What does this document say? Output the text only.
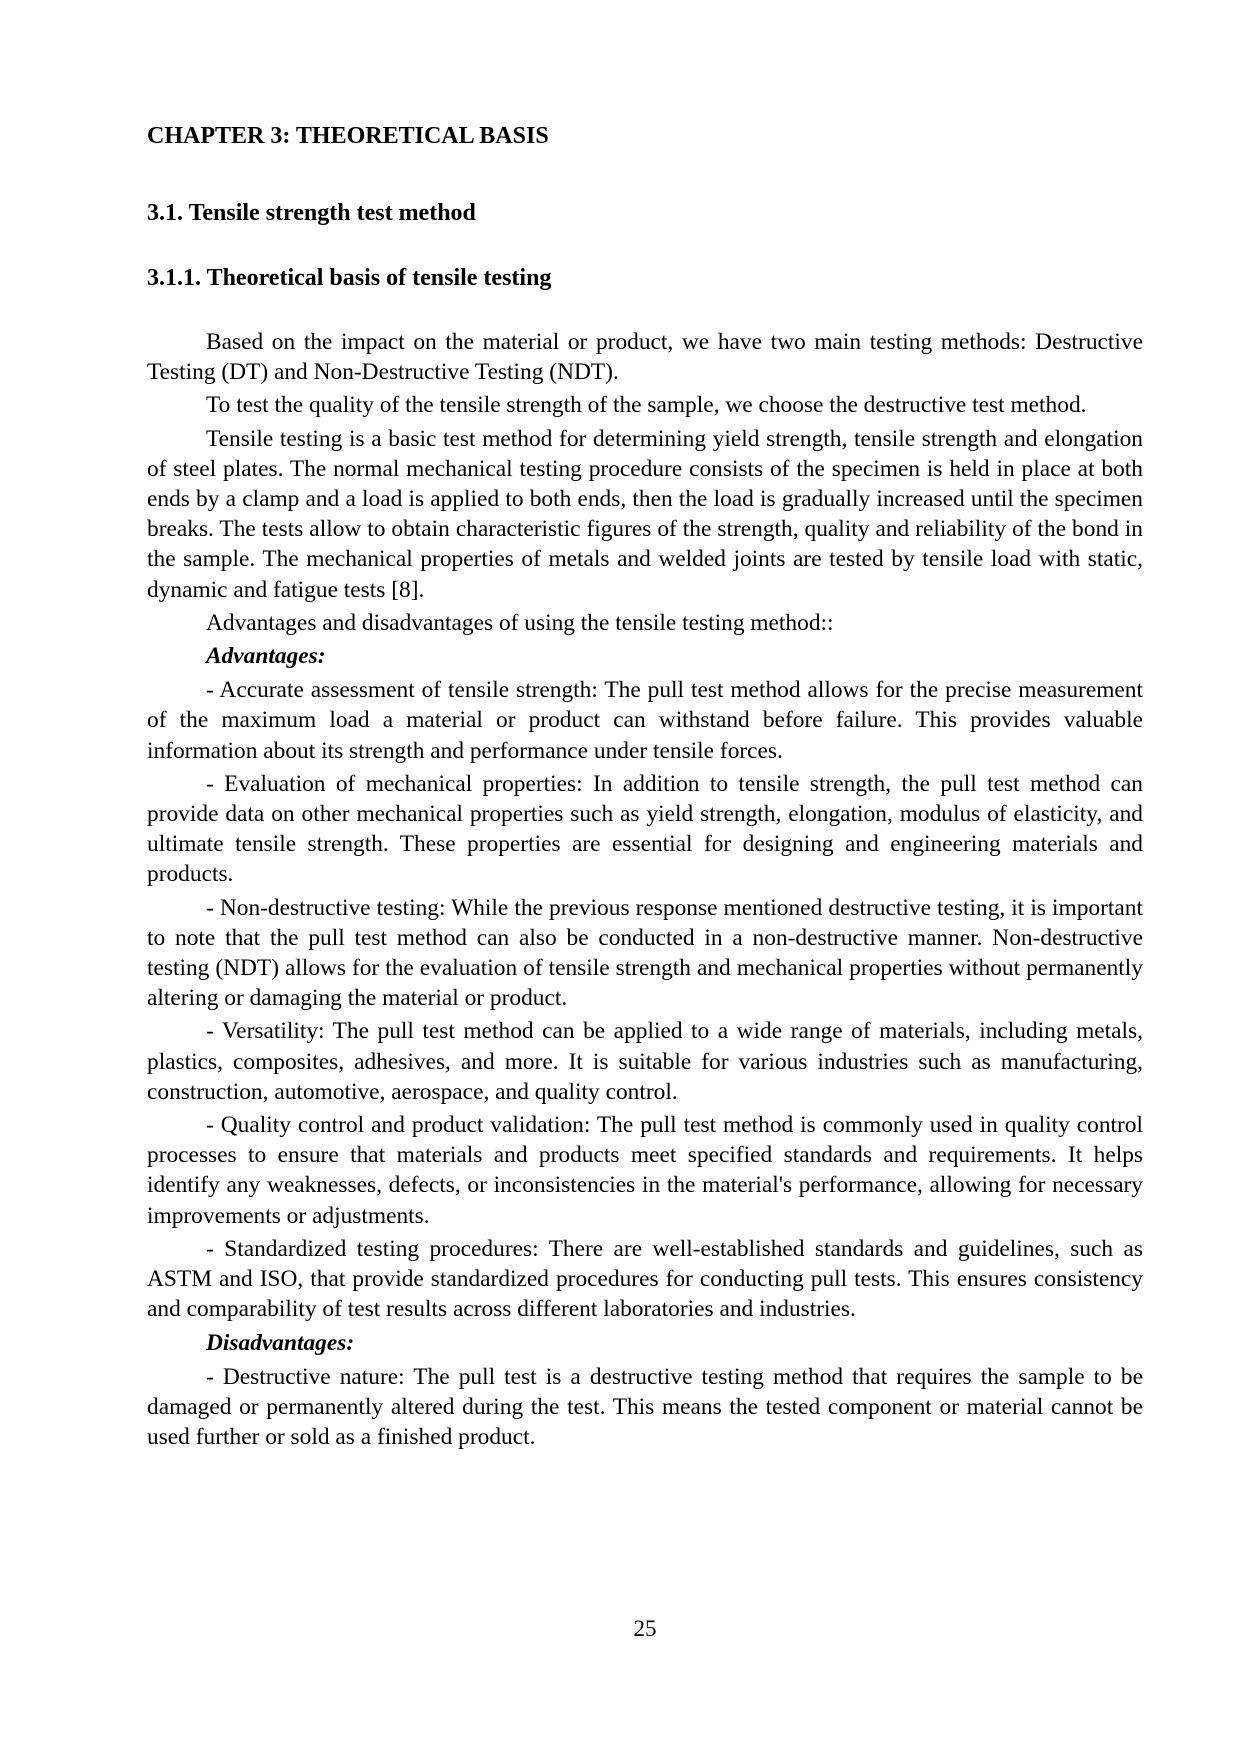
CHAPTER 3: THEORETICAL BASIS
3.1. Tensile strength test method
3.1.1. Theoretical basis of tensile testing

Based on the impact on the material or product, we have two main testing methods: Destructive Testing (DT) and Non-Destructive Testing (NDT).

To test the quality of the tensile strength of the sample, we choose the destructive test method.

Tensile testing is a basic test method for determining yield strength, tensile strength and elongation of steel plates. The normal mechanical testing procedure consists of the specimen is held in place at both ends by a clamp and a load is applied to both ends, then the load is gradually increased until the specimen breaks. The tests allow to obtain characteristic figures of the strength, quality and reliability of the bond in the sample. The mechanical properties of metals and welded joints are tested by tensile load with static, dynamic and fatigue tests [8].

Advantages and disadvantages of using the tensile testing method::

Advantages:

- Accurate assessment of tensile strength: The pull test method allows for the precise measurement of the maximum load a material or product can withstand before failure. This provides valuable information about its strength and performance under tensile forces.

- Evaluation of mechanical properties: In addition to tensile strength, the pull test method can provide data on other mechanical properties such as yield strength, elongation, modulus of elasticity, and ultimate tensile strength. These properties are essential for designing and engineering materials and products.

- Non-destructive testing: While the previous response mentioned destructive testing, it is important to note that the pull test method can also be conducted in a non-destructive manner. Non-destructive testing (NDT) allows for the evaluation of tensile strength and mechanical properties without permanently altering or damaging the material or product.

- Versatility: The pull test method can be applied to a wide range of materials, including metals, plastics, composites, adhesives, and more. It is suitable for various industries such as manufacturing, construction, automotive, aerospace, and quality control.

- Quality control and product validation: The pull test method is commonly used in quality control processes to ensure that materials and products meet specified standards and requirements. It helps identify any weaknesses, defects, or inconsistencies in the material's performance, allowing for necessary improvements or adjustments.

- Standardized testing procedures: There are well-established standards and guidelines, such as ASTM and ISO, that provide standardized procedures for conducting pull tests. This ensures consistency and comparability of test results across different laboratories and industries.

Disadvantages:

- Destructive nature: The pull test is a destructive testing method that requires the sample to be damaged or permanently altered during the test. This means the tested component or material cannot be used further or sold as a finished product.

25
